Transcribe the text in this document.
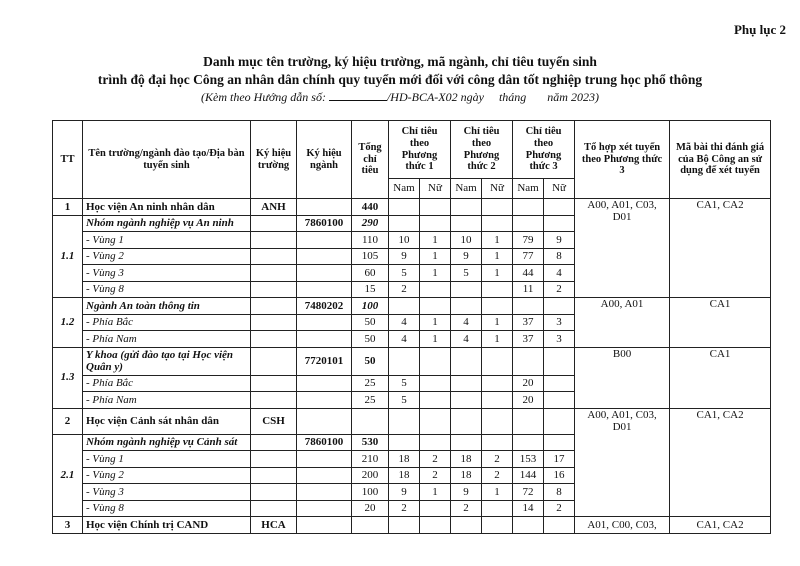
Phụ lục 2
Danh mục tên trường, ký hiệu trường, mã ngành, chỉ tiêu tuyển sinh
trình độ đại học Công an nhân dân chính quy tuyển mới đối với công dân tốt nghiệp trung học phổ thông
(Kèm theo Hướng dẫn số:	/HD-BCA-X02 ngày tháng năm 2023)
TT	Tên trường/ngành đào tạo/Địa bàn tuyển sinh	Ký hiệu trường	Ký hiệu ngành	Tổng chỉ tiêu	Chỉ tiêu theo Phương thức 1		Chỉ tiêu theo Phương thức 2		Chỉ tiêu theo Phương thức 3		Tổ hợp xét tuyển theo Phương thức 3	Mã bài thi đánh giá của Bộ Công an sử dụng để xét tuyển
					Nam	Nữ	Nam	Nữ	Nam	Nữ		
1	Học viện An ninh nhân dân	ANH		440							A00, A01, C03, D01	CA1, CA2
1.1	Nhóm ngành nghiệp vụ An ninh		7860100	290								
	- Vùng 1			110	10	1	10	1	79	9		
	- Vùng 2			105	9	1	9	1	77	8		
	- Vùng 3			60	5	1	5	1	44	4		
	- Vùng 8			15	2				11	2		
1.2	Ngành An toàn thông tin		7480202	100							A00, A01	CA1
	- Phía Bắc			50	4	1	4	1	37	3		
	- Phía Nam			50	4	1	4	1	37	3		
1.3	Y khoa (gửi đào tạo tại Học viện Quân y)		7720101	50							B00	CA1
	- Phía Bắc			25	5				20			
	- Phía Nam			25	5				20			
2	Học viện Cảnh sát nhân dân	CSH									A00, A01, C03, D01	CA1, CA2
2.1	Nhóm ngành nghiệp vụ Cảnh sát		7860100	530								
	- Vùng 1			210	18	2	18	2	153	17		
	- Vùng 2			200	18	2	18	2	144	16		
	- Vùng 3			100	9	1	9	1	72	8		
	- Vùng 8			20	2		2		14	2		
3	Học viện Chính trị CAND	HCA									A01, C00, C03,	CA1, CA2
